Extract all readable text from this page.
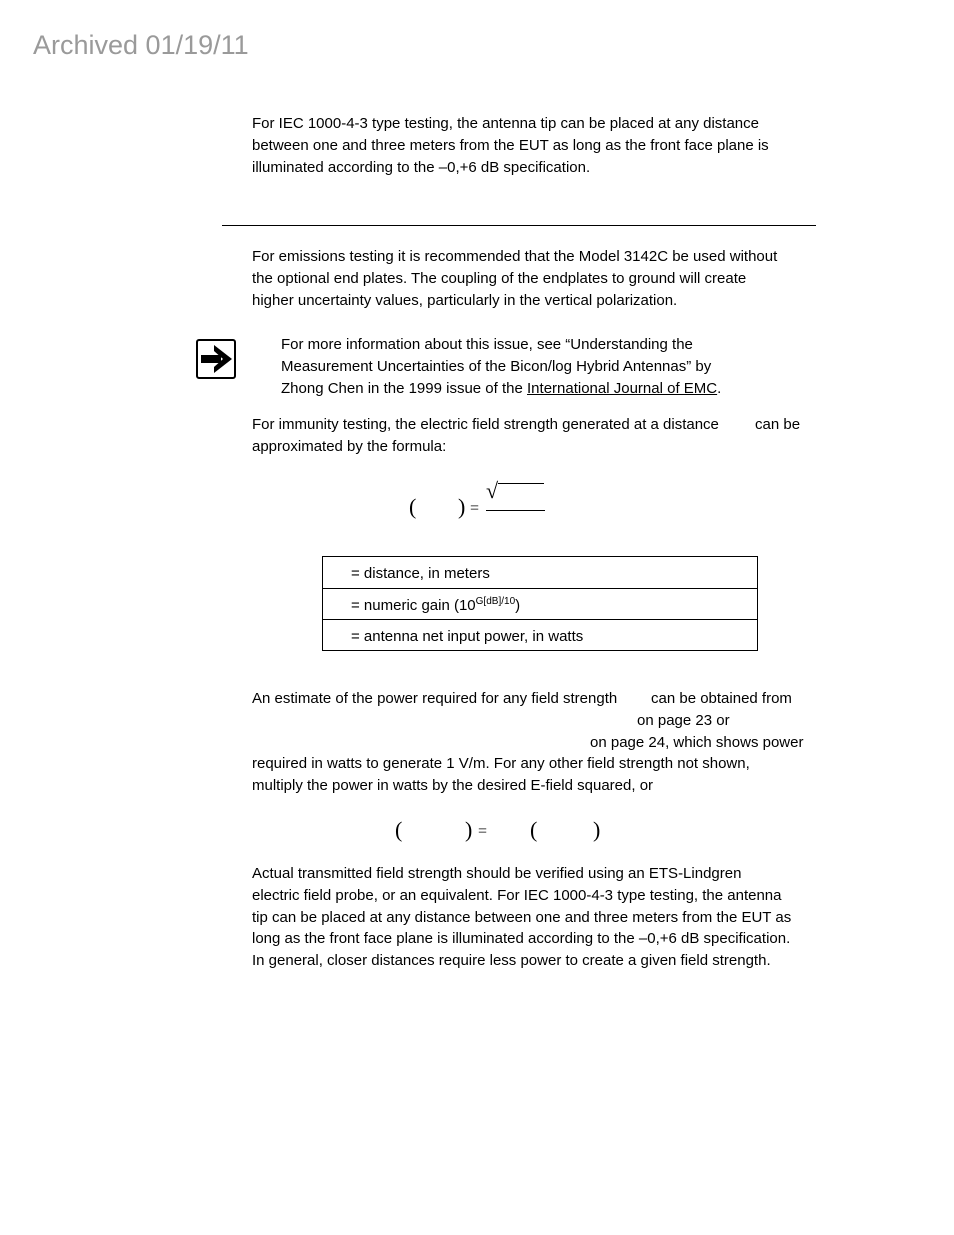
Archived 01/19/11

For IEC 1000-4-3 type testing, the antenna tip can be placed at any distance

between one and three meters from the EUT as long as the front face plane is

illuminated according to the –0,+6 dB specification.

For emissions testing it is recommended that the Model 3142C be used without

the optional end plates. The coupling of the endplates to ground will create

higher uncertainty values, particularly in the vertical polarization.

For more information about this issue, see “Understanding the
Measurement Uncertainties of the Bicon/log Hybrid Antennas” by
Zhong Chen in the 1999 issue of the International Journal of EMC.
For immunity testing, the electric field strength generated at a distance can be
approximated by the formula:
( ) =
√
= distance, in meters
= numeric gain $(10^{G[dB]/10})$
= antenna net input power, in watts
An estimate of the power required for any field strength can be obtained from
on page 23 or
on page 24, which shows power
required in watts to generate 1 V/m. For any other field strength not shown,
multiply the power in watts by the desired E-field squared, or
(	) = (	)

Actual transmitted field strength should be verified using an ETS-Lindgren

electric field probe, or an equivalent. For IEC 1000-4-3 type testing, the antenna

tip can be placed at any distance between one and three meters from the EUT as

long as the front face plane is illuminated according to the –0,+6 dB specification.

In general, closer distances require less power to create a given field strength.
